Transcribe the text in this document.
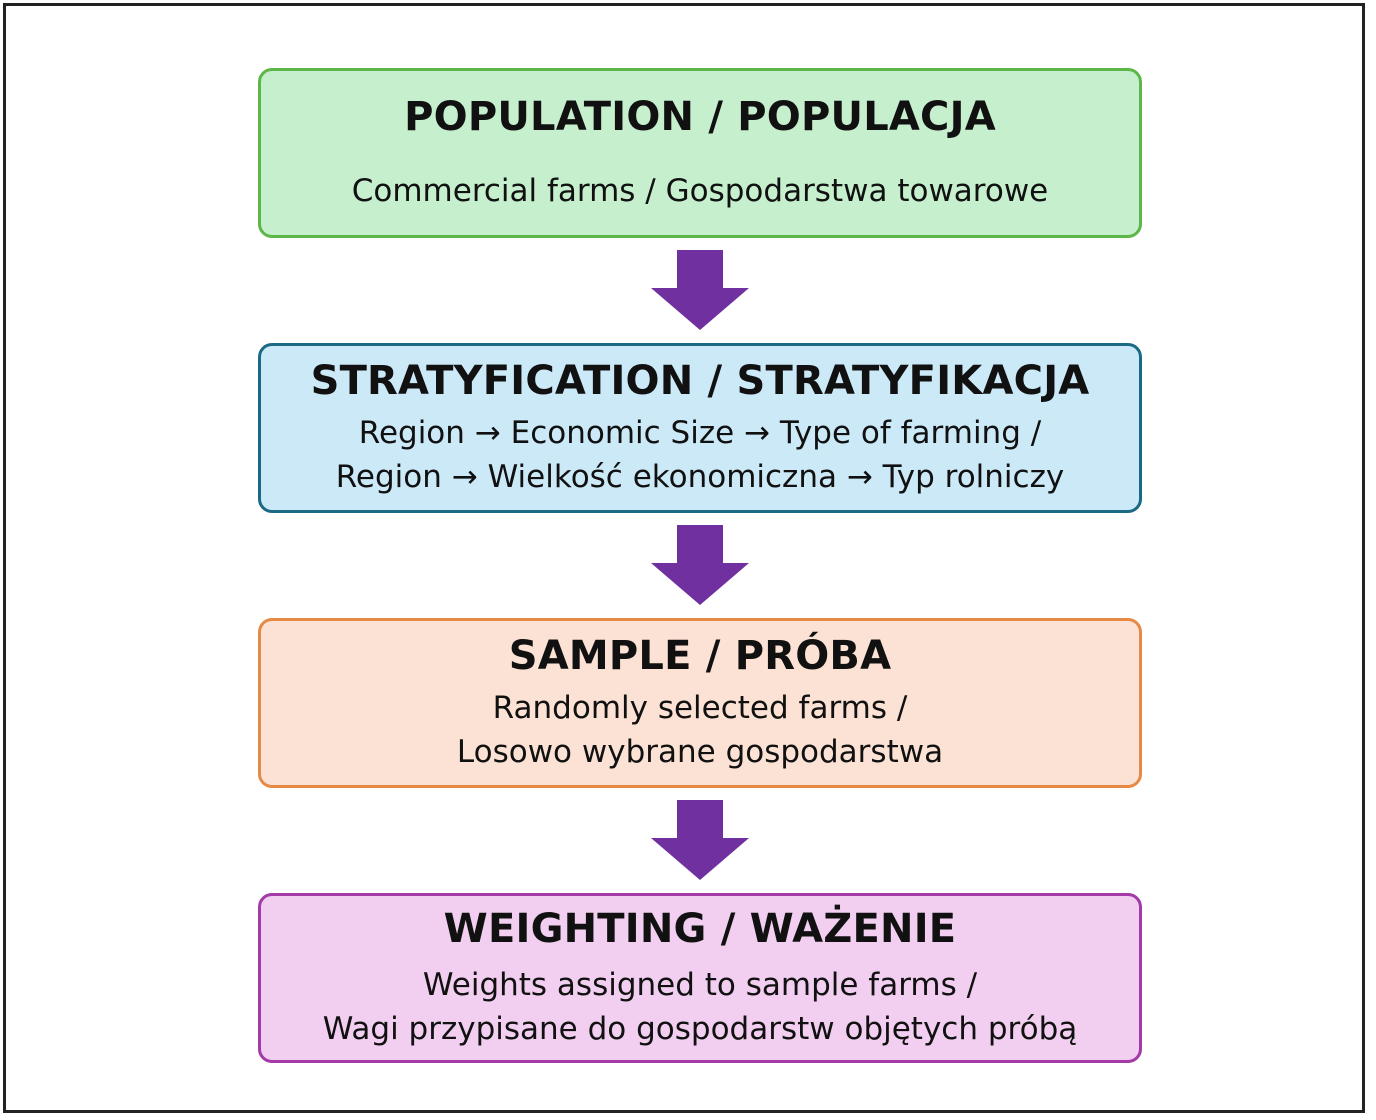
POPULATION / POPULACJA
Commercial farms / Gospodarstwa towarowe
STRATYFICATION / STRATYFIKACJA
Region → Economic Size → Type of farming /
Region → Wielkość ekonomiczna → Typ rolniczy
SAMPLE / PRÓBA
Randomly selected farms /
Losowo wybrane gospodarstwa
WEIGHTING / WAŻENIE
Weights assigned to sample farms /
Wagi przypisane do gospodarstw objętych próbą
